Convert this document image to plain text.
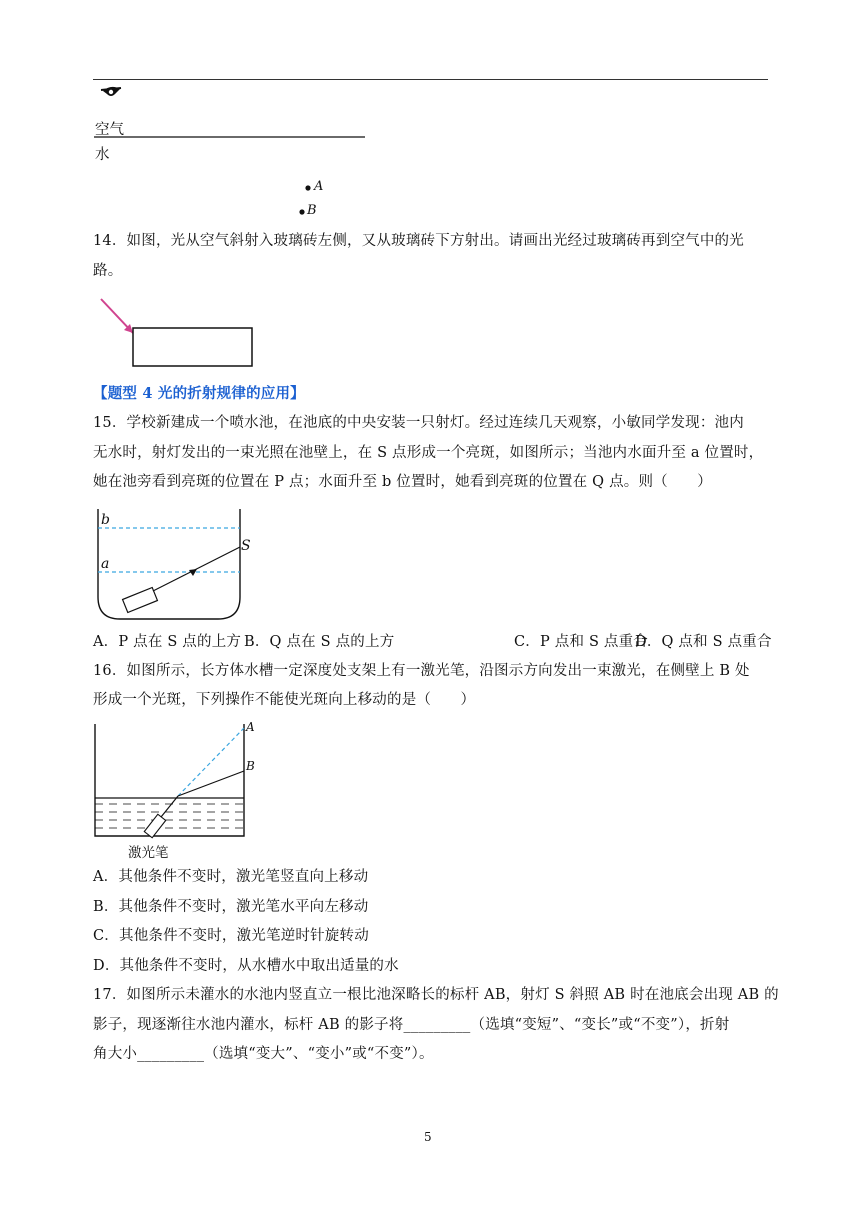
空气
水
A
B
14．如图，光从空气斜射入玻璃砖左侧，又从玻璃砖下方射出。请画出光经过玻璃砖再到空气中的光
路。
【题型 4 光的折射规律的应用】
15．学校新建成一个喷水池，在池底的中央安装一只射灯。经过连续几天观察，小敏同学发现：池内
无水时，射灯发出的一束光照在池壁上，在 S 点形成一个亮斑，如图所示；当池内水面升至 a 位置时，
她在池旁看到亮斑的位置在 P 点；水面升至 b 位置时，她看到亮斑的位置在 Q 点。则（　　）
b
a
S
A．P 点在 S 点的上方 B．Q 点在 S 点的上方	C．P 点和 S 点重合
D．Q 点和 S 点重合
16．如图所示，长方体水槽一定深度处支架上有一激光笔，沿图示方向发出一束激光，在侧壁上 B 处
形成一个光斑，下列操作不能使光斑向上移动的是（　　）
A
B
激光笔
A．其他条件不变时，激光笔竖直向上移动
B．其他条件不变时，激光笔水平向左移动
C．其他条件不变时，激光笔逆时针旋转动
D．其他条件不变时，从水槽水中取出适量的水
17．如图所示未灌水的水池内竖直立一根比池深略长的标杆 AB，射灯 S 斜照 AB 时在池底会出现 AB 的
影子，现逐渐往水池内灌水，标杆 AB 的影子将_________（选填“变短”、“变长”或“不变”），折射
角大小_________（选填“变大”、“变小”或“不变”）。
5
